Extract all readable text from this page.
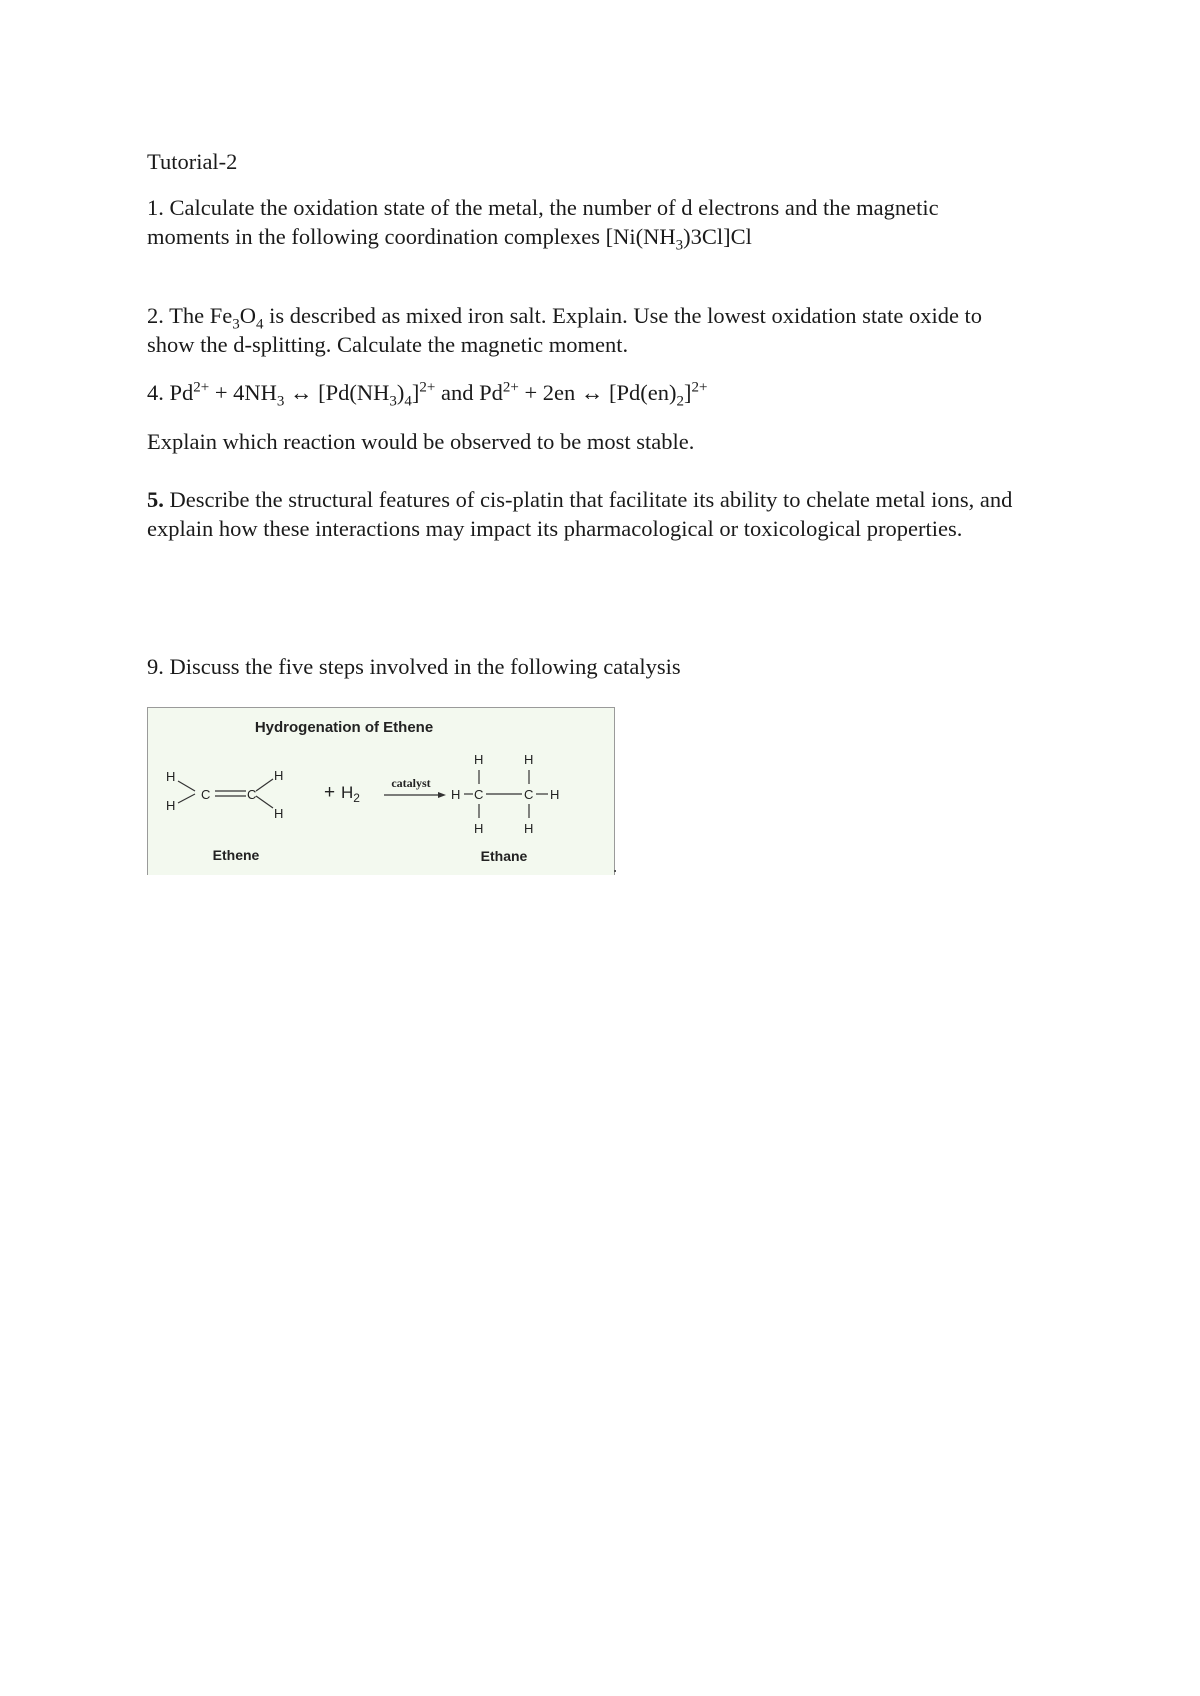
Tutorial-2

1. Calculate the oxidation state of the metal, the number of d electrons and the magnetic
moments in the following coordination complexes $[Ni(NH_3)3Cl]Cl$

2. The $Fe_3O_4$ is described as mixed iron salt. Explain. Use the lowest oxidation state oxide to
show the d-splitting. Calculate the magnetic moment.

4. $Pd^{2+} + 4NH_3$ ↔ $[Pd(NH_3)_4]^{2+}$ and $Pd^{2+} + 2en$ ↔ $[Pd(en)_2]^{2+}$

Explain which reaction would be observed to be most stable.

5. Describe the structural features of cis-platin that facilitate its ability to chelate metal ions, and explain how these interactions may impact its pharmacological or toxicological properties.

9. Discuss the five steps involved in the following catalysis

Hydrogenation of Ethene
H
H
C	C
H
H
Ethene
+ $H_2$
catalyst
H	H
H C	C H
H	H
Ethane
